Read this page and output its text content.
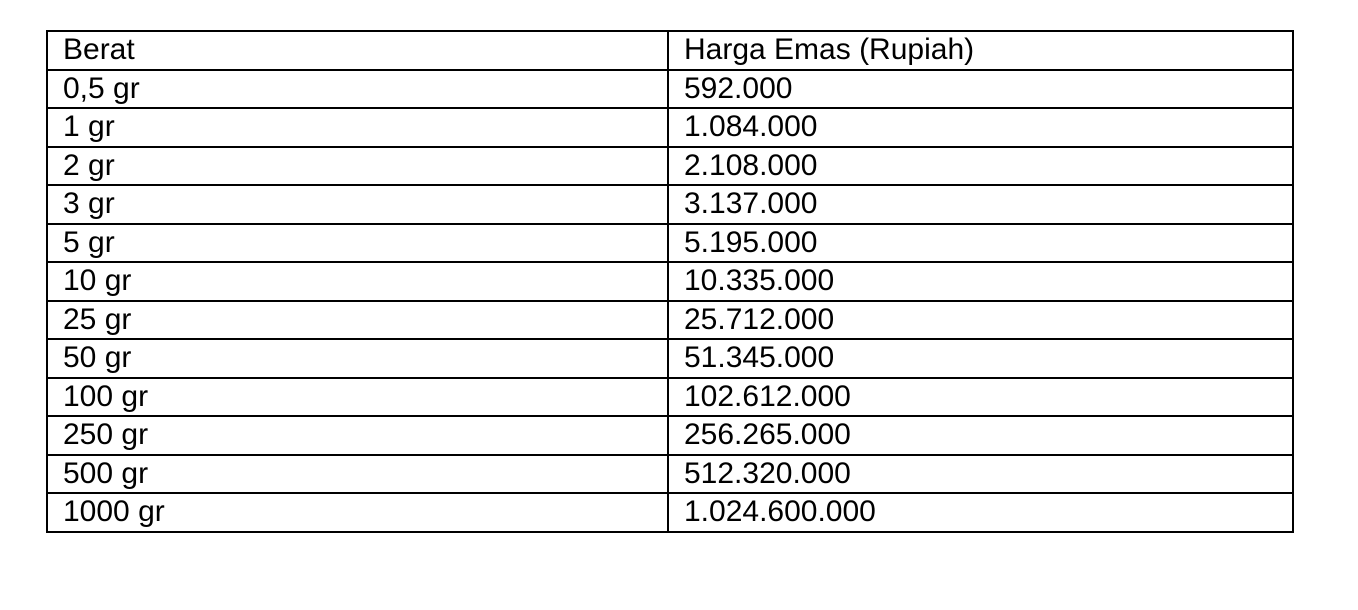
Berat	Harga Emas (Rupiah)
0,5 gr	592.000
1 gr	1.084.000
2 gr	2.108.000
3 gr	3.137.000
5 gr	5.195.000
10 gr	10.335.000
25 gr	25.712.000
50 gr	51.345.000
100 gr	102.612.000
250 gr	256.265.000
500 gr	512.320.000
1000 gr	1.024.600.000
